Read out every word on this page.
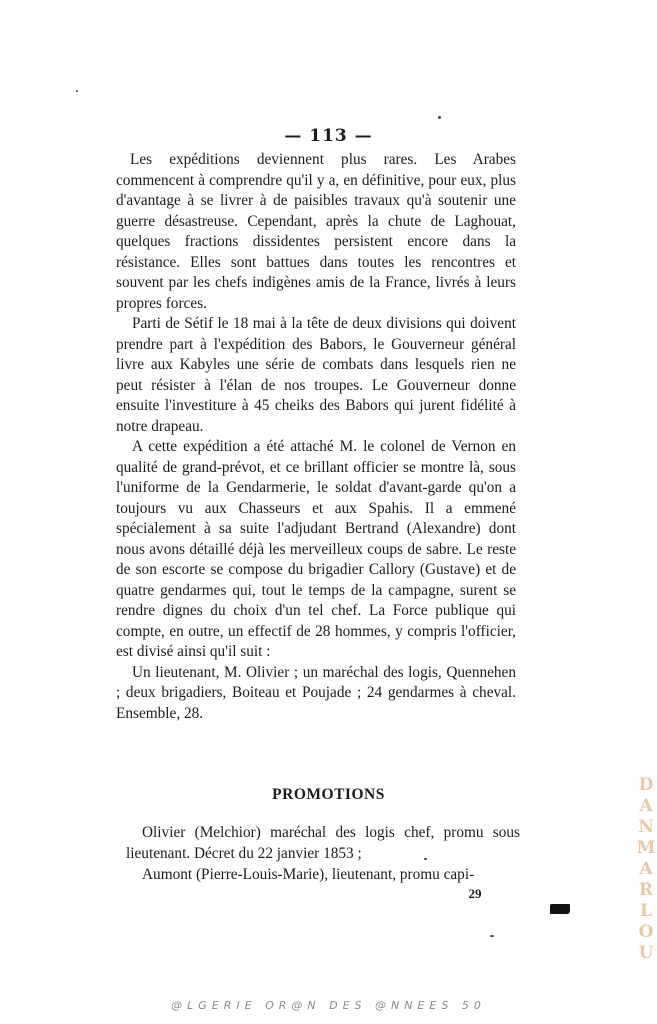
— 113 —

Les expéditions deviennent plus rares. Les Arabes commencent à comprendre qu'il y a, en définitive, pour eux, plus d'avantage à se livrer à de paisibles travaux qu'à soutenir une guerre désastreuse. Cependant, après la chute de Laghouat, quelques fractions dissidentes persistent encore dans la résistance. Elles sont battues dans toutes les rencontres et souvent par les chefs indigènes amis de la France, livrés à leurs propres forces.

Parti de Sétif le 18 mai à la tête de deux divisions qui doivent prendre part à l'expédition des Babors, le Gouverneur général livre aux Kabyles une série de combats dans lesquels rien ne peut résister à l'élan de nos troupes. Le Gouverneur donne ensuite l'investiture à 45 cheiks des Babors qui jurent fidélité à notre drapeau.

A cette expédition a été attaché M. le colonel de Vernon en qualité de grand-prévot, et ce brillant officier se montre là, sous l'uniforme de la Gendarmerie, le soldat d'avant-garde qu'on a toujours vu aux Chasseurs et aux Spahis. Il a emmené spécialement à sa suite l'adjudant Bertrand (Alexandre) dont nous avons détaillé déjà les merveilleux coups de sabre. Le reste de son escorte se compose du brigadier Callory (Gustave) et de quatre gendarmes qui, tout le temps de la campagne, surent se rendre dignes du choix d'un tel chef. La Force publique qui compte, en outre, un effectif de 28 hommes, y compris l'officier, est divisé ainsi qu'il suit :

Un lieutenant, M. Olivier ; un maréchal des logis, Quennehen ; deux brigadiers, Boiteau et Poujade ; 24 gendarmes à cheval. Ensemble, 28.

PROMOTIONS

Olivier (Melchior) maréchal des logis chef, promu sous lieutenant. Décret du 22 janvier 1853 ;

Aumont (Pierre-Louis-Marie), lieutenant, promu capi-

29
DANMARLOU
@LGERIE OR@N DES @NNEES 50
